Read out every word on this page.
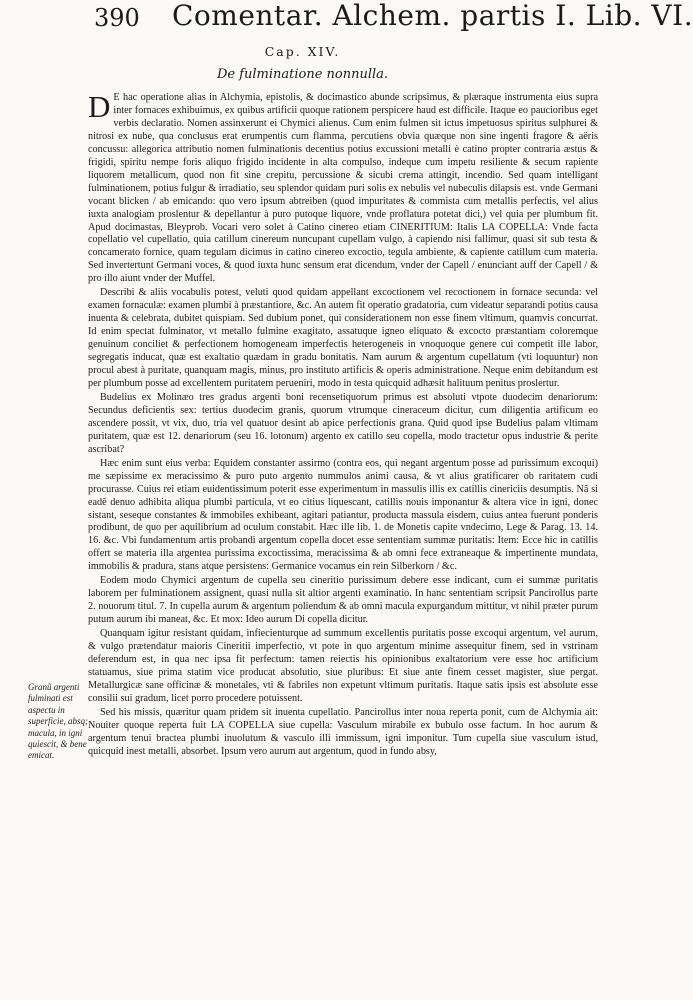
390 Comentar. Alchem. partis I. Lib. VI.
Cap. XIV.
De fulminatione nonnulla.

DE hac operatione alias in Alchymia, epistolis, & docimastico abunde scripsimus, & plæraque instrumenta eius supra inter fornaces exhibuimus, ex quibus artificii quoque rationem perspicere haud est difficile. Itaque eo paucioribus eget verbis declaratio. Nomen assinxerunt ei Chymici alienus. Cum enim fulmen sit ictus impetuosus spiritus sulphurei & nitrosi ex nube, qua conclusus erat erumpentis cum flamma, percutiens obvia quæque non sine ingenti fragore & aëris concussu: allegorica attributio nomen fulminationis decentius potius excussioni metalli è catino propter contraria æstus & frigidi, spiritu nempe foris aliquo frigido incidente in alta compulso, indeque cum impetu resiliente & secum rapiente liquorem metallicum, quod non fit sine crepitu, percussione & sicubi crema attingit, incendio. Sed quam intelligant fulminationem, potius fulgur & irradiatio, seu splendor quidam puri solis ex nebulis vel nubeculis dilapsis est. vnde Germani vocant blicken / ab emicando: quo vero ipsum abtreiben (quod impuritates & commista cum metallis perfectis, vel alius iuxta analogiam proslentur & depellantur à puro putoque liquore, vnde proflatura potetat dici,) vel quia per plumbum fit. Apud docimastas, Bleyprob. Vocari vero solet à Catino cinereo etiam CINERITIUM: Italis LA COPELLA: Vnde facta copellatio vel cupellatio, quia catillum cinereum nuncupant cupellam vulgo, à capiendo nisi fallimur, quasi sit sub testa & concamerato fornice, quam tegulam dicimus in catino cinereo excoctio, tegula ambiente, & capiente catillum cum materia. Sed invertertunt Germani voces, & quod iuxta hunc sensum erat dicendum, vnder der Capell / enunciant auff der Capell / & pro illo aiunt vnder der Muffel.

Describi & aliis vocabulis potest, veluti quod quidam appellant excoctionem vel recoctionem in fornace secunda: vel examen fornaculæ: examen plumbi à præstantiore, &c. An autem fit operatio gradatoria, cum videatur separandi potius causa inuenta & celebrata, dubitet quispiam. Sed dubium ponet, qui considerationem non esse finem vltimum, quamvis concurrat. Id enim spectat fulminator, vt metallo fulmine exagitato, assatuque igneo eliquato & excocto præstantiam coloremque genuinum conciliet & perfectionem homogeneam imperfectis heterogeneis in vnoquoque genere cui competit ille labor, segregatis inducat, quæ est exaltatio quædam in gradu bonitatis. Nam aurum & argentum cupellatum (vti loquuntur) non procul abest à puritate, quanquam magis, minus, pro instituto artificis & operis administratione. Neque enim debitandum est per plumbum posse ad excellentem puritatem perueniri, modo in testa quicquid adhæsit halituum penitus proslertur.

Budelius ex Molinæo tres gradus argenti boni recensetiquorum primus est absoluti vtpote duodecim denariorum: Secundus deficientis sex: tertius duodecim granis, quorum vtrumque cineraceum dicitur, cum diligentia artificum eo ascendere possit, vt vix, duo, tria vel quatuor desint ab apice perfectionis grana. Quid quod ipse Budelius palam vltimam puritatem, quæ est 12. denariorum (seu 16. lotonum) argento ex catillo seu copella, modo tractetur opus industrie & perite ascribat?

Hæc enim sunt eius verba: Equidem constanter assirmo (contra eos, qui negant argentum posse ad purissimum excoqui) me sæpissime ex meracissimo & puro puto argento nummulos animi causa, & vt alius gratificarer ob raritatem cudi procurasse. Cuius rei etiam euidentissimum poterit esse experimentum in massulis illis ex catillis cinericiis desumptis. Nã si eadẽ denuo adhibita aliqua plumbi particula, vt eo citius liquescant, catillis nouis imponantur & altera vice in igni, donec sistant, seseque constantes & immobiles exhibeant, agitari patiantur, producta massula eisdem, cuius antea fuerunt ponderis prodibunt, de quo per aquilibrium ad oculum constabit. Hæc ille lib. 1. de Monetis capite vndecimo, Lege & Parag. 13. 14. 16. &c. Vbi fundamentum artis probandi argentum copella docet esse sententiam summæ puritatis: Item: Ecce hic in catillis offert se materia illa argentea purissima excoctissima, meracissima & ab omni fece extraneaque & impertinente mundata, immobilis & pradura, stans atque persistens: Germanice vocamus ein rein Silberkorn / &c.

Eodem modo Chymici argentum de cupella seu cineritio purissimum debere esse indicant, cum ei summæ puritatis laborem per fulminationem assignent, quasi nulla sit altior argenti examinatio. In hanc sententiam scripsit Pancirollus parte 2. nouorum titul. 7. In cupella aurum & argentum poliendum & ab omni macula expurgandum mittitur, vt nihil præter purum putum aurum ibi maneat, &c. Et mox: Ideo aurum Di copella dicitur.

Quanquam igitur resistant quidam, infiecienturque ad summum excellentis puritatis posse excoqui argentum, vel aurum, & vulgo prætendatur maioris Cineritii imperfectio, vt pote in quo argentum minime assequitur finem, sed in vstrinam deferendum est, in qua nec ipsa fit perfectum: tamen reiectis his opinionibus exaltatorium vere esse hoc artificium statuamus, siue prima statim vice producat absolutio, siue pluribus: Et siue ante finem cesset magister, siue pergat. Metallurgicæ sane officinæ & monetales, vti & fabriles non expetunt vltimum puritatis. Itaque satis ipsis est absolute esse consilii sui gradum, licet porro procedere potuissent.

Sed his missis, quæritur quam pridem sit inuenta cupellatio. Pancirollus inter noua reperta ponit, cum de Alchymia ait: Nouiter quoque reperta fuit LA COPELLA siue cupella: Vasculum mirabile ex bubulo osse factum. In hoc aurum & argentum tenui bractea plumbi inuolutum & vasculo illi immissum, igni imponitur. Tum cupella siue vasculum istud, quicquid inest metalli, absorbet. Ipsum vero aurum aut argentum, quod in fundo absy,

Granũ argenti fulminati est aspectu in superficie, absq; macula, in igni quiescit, & bene emicat.
